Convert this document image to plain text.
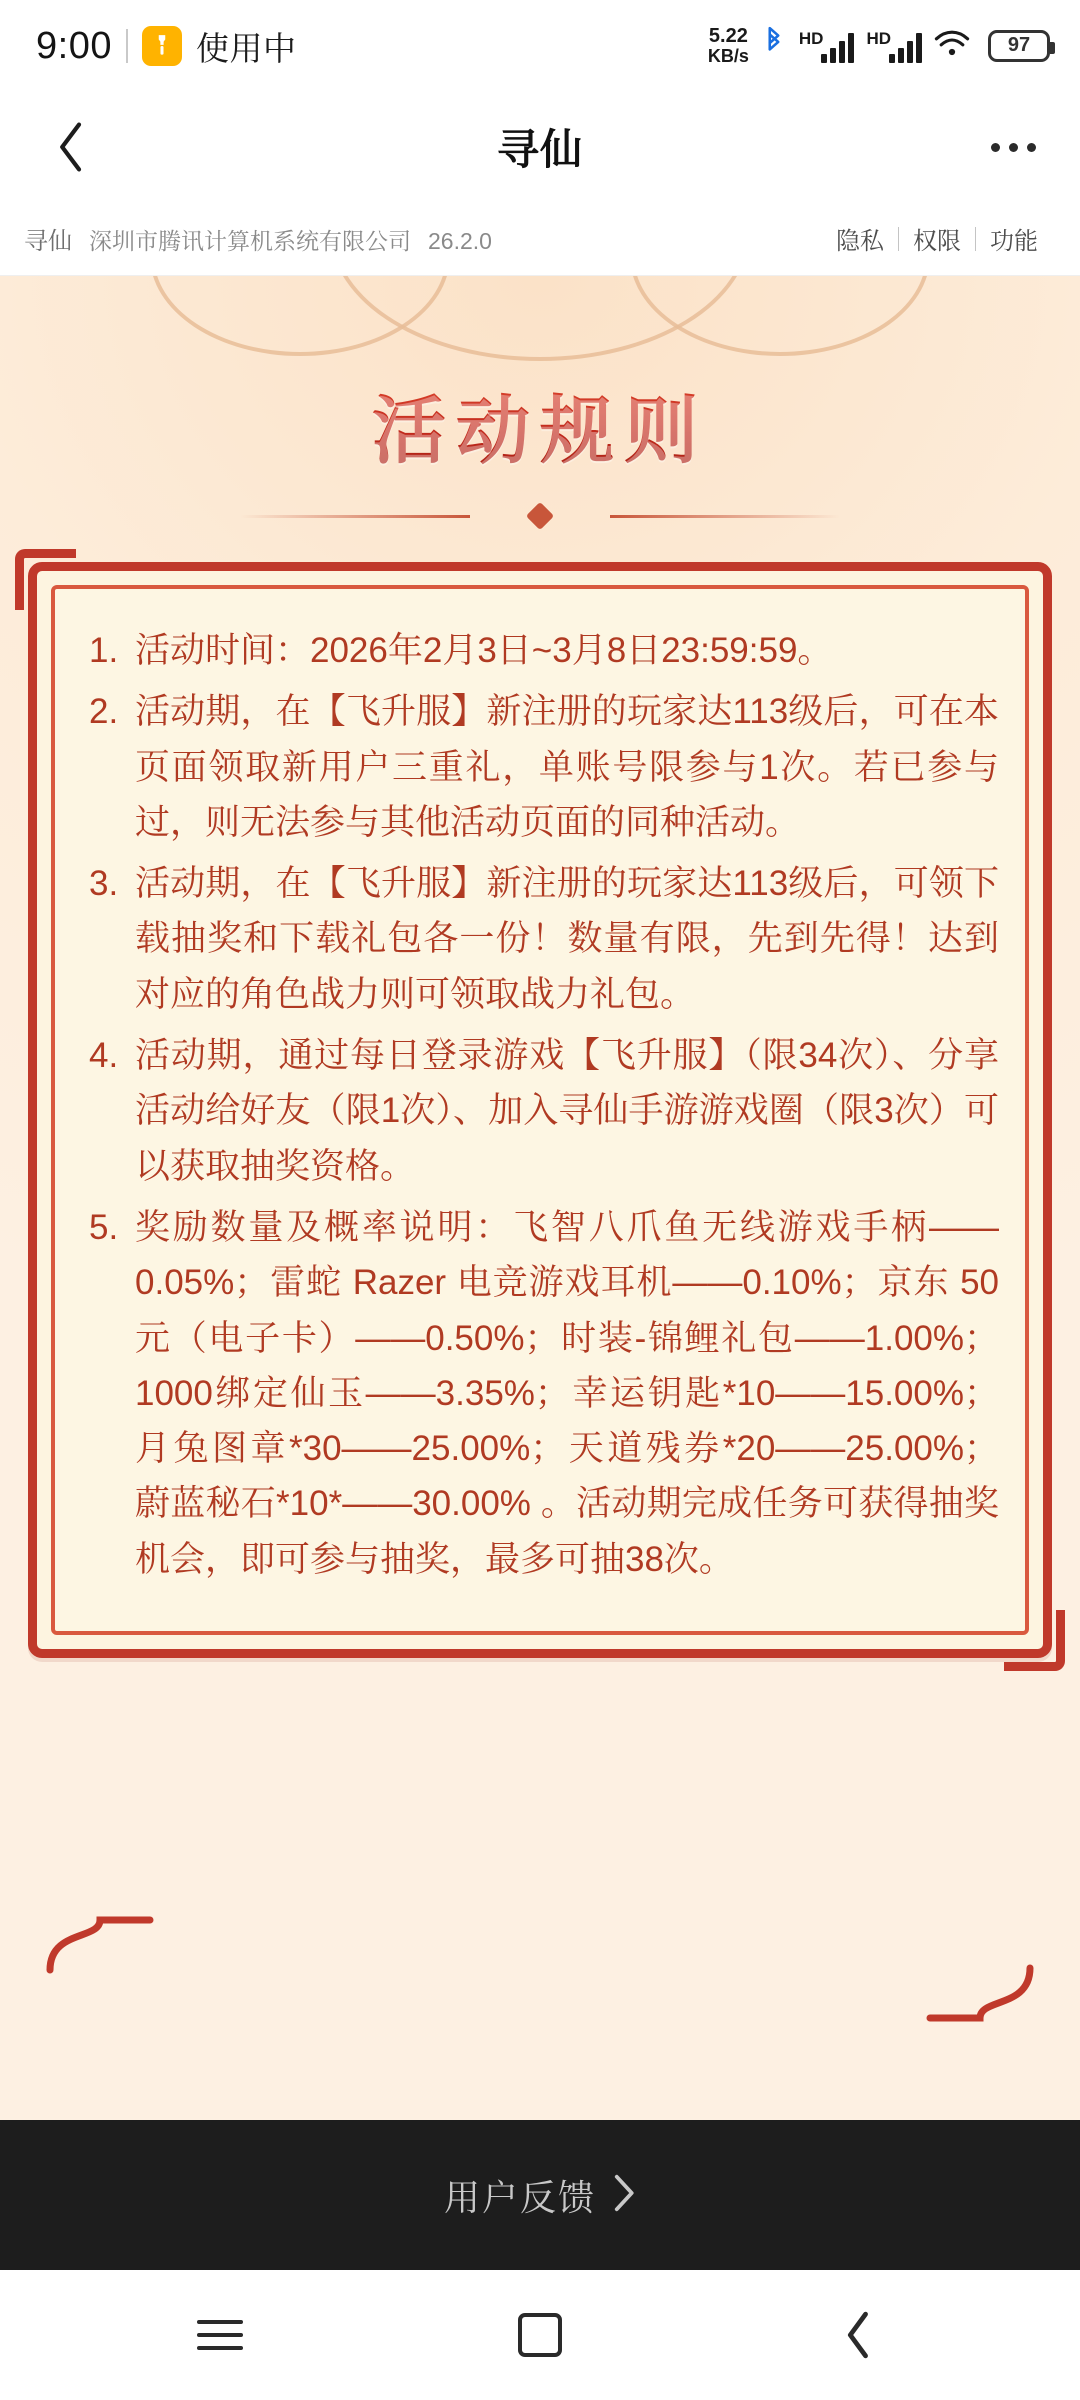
9:00	使用中	5.22
KB/s
HD	HD	97
寻仙
寻仙 深圳市腾讯计算机系统有限公司 26.2.0	隐私	权限	功能
活动规则
活动时间：2026年2月3日~3月8日23:59:59。
活动期，在【飞升服】新注册的玩家达113级后，可在本页面领取新用户三重礼，单账号限参与1次。若已参与过，则无法参与其他活动页面的同种活动。
活动期，在【飞升服】新注册的玩家达113级后，可领下载抽奖和下载礼包各一份！数量有限，先到先得！达到对应的角色战力则可领取战力礼包。
活动期，通过每日登录游戏【飞升服】（限34次）、分享活动给好友（限1次）、加入寻仙手游游戏圈（限3次）可以获取抽奖资格。
奖励数量及概率说明：飞智八爪鱼无线游戏手柄——0.05%；雷蛇 Razer 电竞游戏耳机——0.10%；京东 50元（电子卡）——0.50%；时装-锦鲤礼包——1.00%；1000绑定仙玉——3.35%；幸运钥匙*10——15.00%；月兔图章*30——25.00%；天道残券*20——25.00%；蔚蓝秘石*10*——30.00% 。活动期完成任务可获得抽奖机会，即可参与抽奖，最多可抽38次。
用户反馈
